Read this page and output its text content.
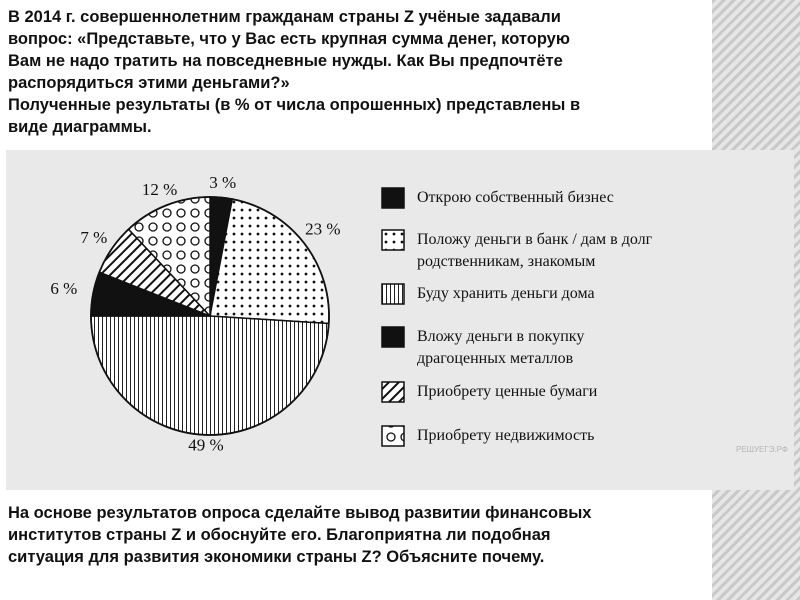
В 2014 г. совершеннолетним гражданам страны Z учёные задавали
вопрос: «Представьте, что у Вас есть крупная сумма денег, которую
Вам не надо тратить на повседневные нужды. Как Вы предпочтёте
распорядиться этими деньгами?»
Полученные результаты (в % от числа опрошенных) представлены в
виде диаграммы.

3 %
23 %
49 %
6 %
7 %
12 %	Открою собственный бизнес
Положу деньги в банк / дам в долг
родственникам, знакомым
Буду хранить деньги дома
Вложу деньги в покупку
драгоценных металлов
Приобрету ценные бумаги
Приобрету недвижимость
РЕШУЕГЭ.РФ

На основе результатов опроса сделайте вывод развитии финансовых
институтов страны Z и обоснуйте его. Благоприятна ли подобная
ситуация для развития экономики страны Z? Объясните почему.
